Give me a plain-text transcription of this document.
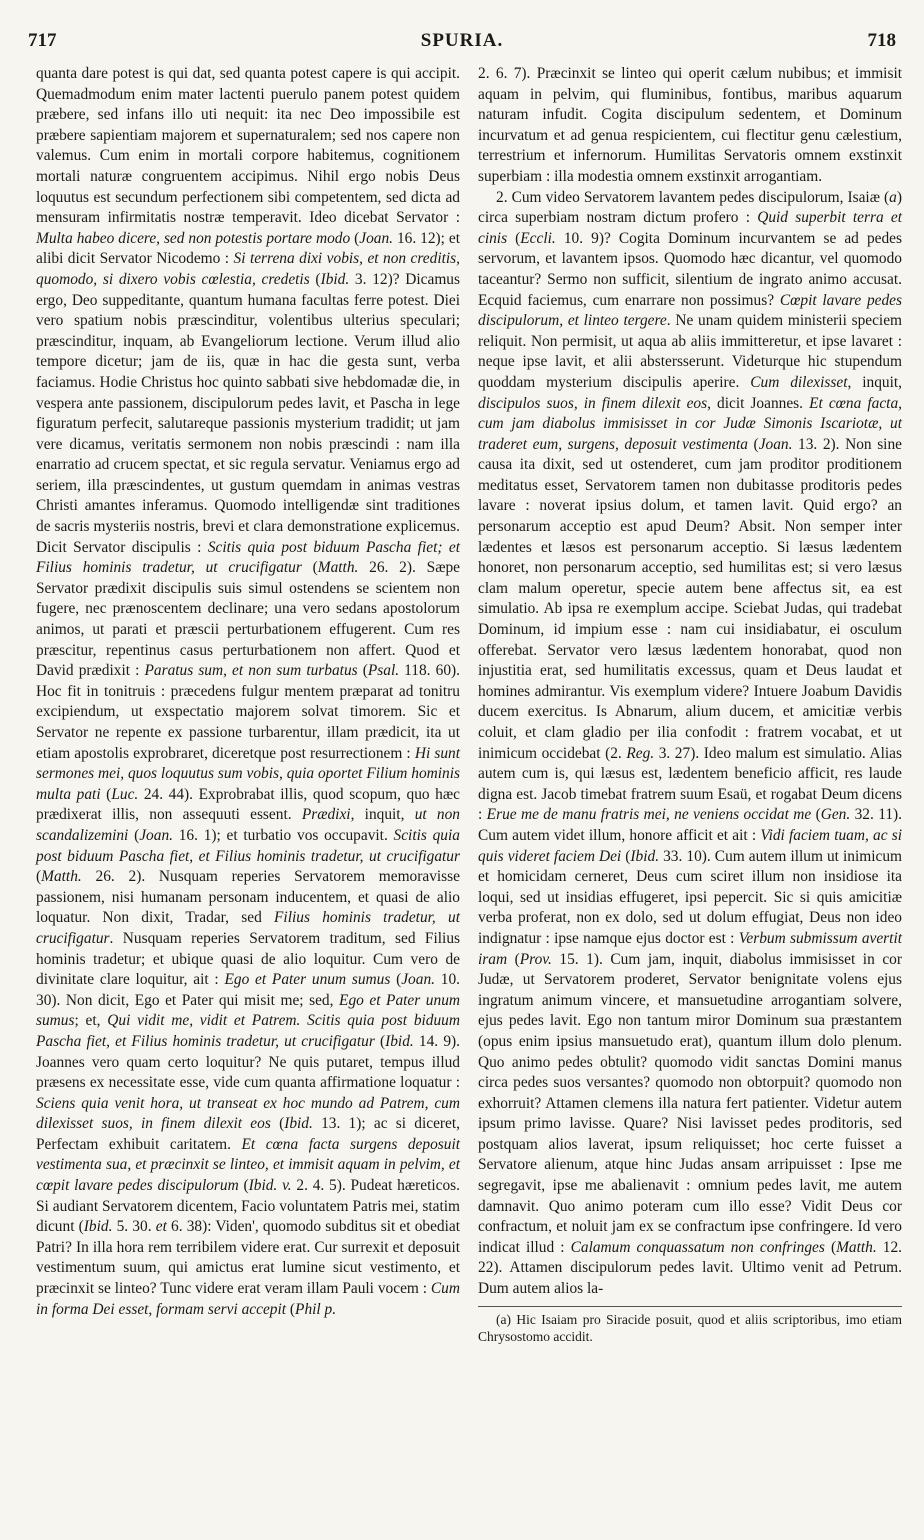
717	SPURIA.	718

quanta dare potest is qui dat, sed quanta potest capere is qui accipit. Quemadmodum enim mater lactenti puerulo panem potest quidem præbere, sed infans illo uti nequit: ita nec Deo impossibile est præbere sapientiam majorem et supernaturalem; sed nos capere non valemus. Cum enim in mortali corpore habitemus, cognitionem mortali naturæ congruentem accipimus. Nihil ergo nobis Deus loquutus est secundum perfectionem sibi competentem, sed dicta ad mensuram infirmitatis nostræ temperavit. Ideo dicebat Servator : Multa habeo dicere, sed non potestis portare modo (Joan. 16. 12); et alibi dicit Servator Nicodemo : Si terrena dixi vobis, et non creditis, quomodo, si dixero vobis cœlestia, credetis (Ibid. 3. 12)? Dicamus ergo, Deo suppeditante, quantum humana facultas ferre potest. Diei vero spatium nobis præscinditur, volentibus ulterius speculari; præscinditur, inquam, ab Evangeliorum lectione. Verum illud alio tempore dicetur; jam de iis, quæ in hac die gesta sunt, verba faciamus. Hodie Christus hoc quinto sabbati sive hebdomadæ die, in vespera ante passionem, discipulorum pedes lavit, et Pascha in lege figuratum perfecit, salutareque passionis mysterium tradidit; ut jam vere dicamus, veritatis sermonem non nobis præscindi : nam illa enarratio ad crucem spectat, et sic regula servatur. Veniamus ergo ad seriem, illa præscindentes, ut gustum quemdam in animas vestras Christi amantes inferamus. Quomodo intelligendæ sint traditiones de sacris mysteriis nostris, brevi et clara demonstratione explicemus. Dicit Servator discipulis : Scitis quia post biduum Pascha fiet; et Filius hominis tradetur, ut crucifigatur (Matth. 26. 2). Sæpe Servator prædixit discipulis suis simul ostendens se scientem non fugere, nec prænoscentem declinare; una vero sedans apostolorum animos, ut parati et præscii perturbationem effugerent. Cum res præscitur, repentinus casus perturbationem non affert. Quod et David prædixit : Paratus sum, et non sum turbatus (Psal. 118. 60). Hoc fit in tonitruis : præcedens fulgur mentem præparat ad tonitru excipiendum, ut exspectatio majorem solvat timorem. Sic et Servator ne repente ex passione turbarentur, illam prædicit, ita ut etiam apostolis exprobraret, diceretque post resurrectionem : Hi sunt sermones mei, quos loquutus sum vobis, quia oportet Filium hominis multa pati (Luc. 24. 44). Exprobrabat illis, quod scopum, quo hæc prædixerat illis, non assequuti essent. Prædixi, inquit, ut non scandalizemini (Joan. 16. 1); et turbatio vos occupavit. Scitis quia post biduum Pascha fiet, et Filius hominis tradetur, ut crucifigatur (Matth. 26. 2). Nusquam reperies Servatorem memoravisse passionem, nisi humanam personam inducentem, et quasi de alio loquatur. Non dixit, Tradar, sed Filius hominis tradetur, ut crucifigatur. Nusquam reperies Servatorem traditum, sed Filius hominis tradetur; et ubique quasi de alio loquitur. Cum vero de divinitate clare loquitur, ait : Ego et Pater unum sumus (Joan. 10. 30). Non dicit, Ego et Pater qui misit me; sed, Ego et Pater unum sumus; et, Qui vidit me, vidit et Patrem. Scitis quia post biduum Pascha fiet, et Filius hominis tradetur, ut crucifigatur (Ibid. 14. 9). Joannes vero quam certo loquitur? Ne quis putaret, tempus illud præsens ex necessitate esse, vide cum quanta affirmatione loquatur : Sciens quia venit hora, ut transeat ex hoc mundo ad Patrem, cum dilexisset suos, in finem dilexit eos (Ibid. 13. 1); ac si diceret, Perfectam exhibuit caritatem. Et cœna facta surgens deposuit vestimenta sua, et præcinxit se linteo, et immisit aquam in pelvim, et cœpit lavare pedes discipulorum (Ibid. v. 2. 4. 5). Pudeat hæreticos. Si audiant Servatorem dicentem, Facio voluntatem Patris mei, statim dicunt (Ibid. 5. 30. et 6. 38): Viden', quomodo subditus sit et obediat Patri? In illa hora rem terribilem videre erat. Cur surrexit et deposuit vestimentum suum, qui amictus erat lumine sicut vestimento, et præcinxit se linteo? Tunc videre erat veram illam Pauli vocem : Cum in forma Dei esset, formam servi accepit (Phil p.

2. 6. 7). Præcinxit se linteo qui operit cælum nubibus; et immisit aquam in pelvim, qui fluminibus, fontibus, maribus aquarum naturam infudit. Cogita discipulum sedentem, et Dominum incurvatum et ad genua respicientem, cui flectitur genu cælestium, terrestrium et infernorum. Humilitas Servatoris omnem exstinxit superbiam : illa modestia omnem exstinxit arrogantiam.

2. Cum video Servatorem lavantem pedes discipulorum, Isaiæ (a) circa superbiam nostram dictum profero : Quid superbit terra et cinis (Eccli. 10. 9)? Cogita Dominum incurvantem se ad pedes servorum, et lavantem ipsos. Quomodo hæc dicantur, vel quomodo taceantur? Sermo non sufficit, silentium de ingrato animo accusat. Ecquid faciemus, cum enarrare non possimus? Cœpit lavare pedes discipulorum, et linteo tergere. Ne unam quidem ministerii speciem reliquit. Non permisit, ut aqua ab aliis immitteretur, et ipse lavaret : neque ipse lavit, et alii abstersserunt. Videturque hic stupendum quoddam mysterium discipulis aperire. Cum dilexisset, inquit, discipulos suos, in finem dilexit eos, dicit Joannes. Et cœna facta, cum jam diabolus immisisset in cor Judæ Simonis Iscariotæ, ut traderet eum, surgens, deposuit vestimenta (Joan. 13. 2). Non sine causa ita dixit, sed ut ostenderet, cum jam proditor proditionem meditatus esset, Servatorem tamen non dubitasse proditoris pedes lavare : noverat ipsius dolum, et tamen lavit. Quid ergo? an personarum acceptio est apud Deum? Absit. Non semper inter lædentes et læsos est personarum acceptio. Si læsus lædentem honoret, non personarum acceptio, sed humilitas est; si vero læsus clam malum operetur, specie autem bene affectus sit, ea est simulatio. Ab ipsa re exemplum accipe. Sciebat Judas, qui tradebat Dominum, id impium esse : nam cui insidiabatur, ei osculum offerebat. Servator vero læsus lædentem honorabat, quod non injustitia erat, sed humilitatis excessus, quam et Deus laudat et homines admirantur. Vis exemplum videre? Intuere Joabum Davidis ducem exercitus. Is Abnarum, alium ducem, et amicitiæ verbis coluit, et clam gladio per ilia confodit : fratrem vocabat, et ut inimicum occidebat (2. Reg. 3. 27). Ideo malum est simulatio. Alias autem cum is, qui læsus est, lædentem beneficio afficit, res laude digna est. Jacob timebat fratrem suum Esaü, et rogabat Deum dicens : Erue me de manu fratris mei, ne veniens occidat me (Gen. 32. 11). Cum autem videt illum, honore afficit et ait : Vidi faciem tuam, ac si quis videret faciem Dei (Ibid. 33. 10). Cum autem illum ut inimicum et homicidam cerneret, Deus cum sciret illum non insidiose ita loqui, sed ut insidias effugeret, ipsi pepercit. Sic si quis amicitiæ verba proferat, non ex dolo, sed ut dolum effugiat, Deus non ideo indignatur : ipse namque ejus doctor est : Verbum submissum avertit iram (Prov. 15. 1). Cum jam, inquit, diabolus immisisset in cor Judæ, ut Servatorem proderet, Servator benignitate volens ejus ingratum animum vincere, et mansuetudine arrogantiam solvere, ejus pedes lavit. Ego non tantum miror Dominum sua præstantem (opus enim ipsius mansuetudo erat), quantum illum dolo plenum. Quo animo pedes obtulit? quomodo vidit sanctas Domini manus circa pedes suos versantes? quomodo non obtorpuit? quomodo non exhorruit? Attamen clemens illa natura fert patienter. Videtur autem ipsum primo lavisse. Quare? Nisi lavisset pedes proditoris, sed postquam alios laverat, ipsum reliquisset; hoc certe fuisset a Servatore alienum, atque hinc Judas ansam arripuisset : Ipse me segregavit, ipse me abalienavit : omnium pedes lavit, me autem damnavit. Quo animo poteram cum illo esse? Vidit Deus cor confractum, et noluit jam ex se confractum ipse confringere. Id vero indicat illud : Calamum conquassatum non confringes (Matth. 12. 22). Attamen discipulorum pedes lavit. Ultimo venit ad Petrum. Dum autem alios la-

(a) Hic Isaiam pro Siracide posuit, quod et aliis scriptoribus, imo etiam Chrysostomo accidit.
